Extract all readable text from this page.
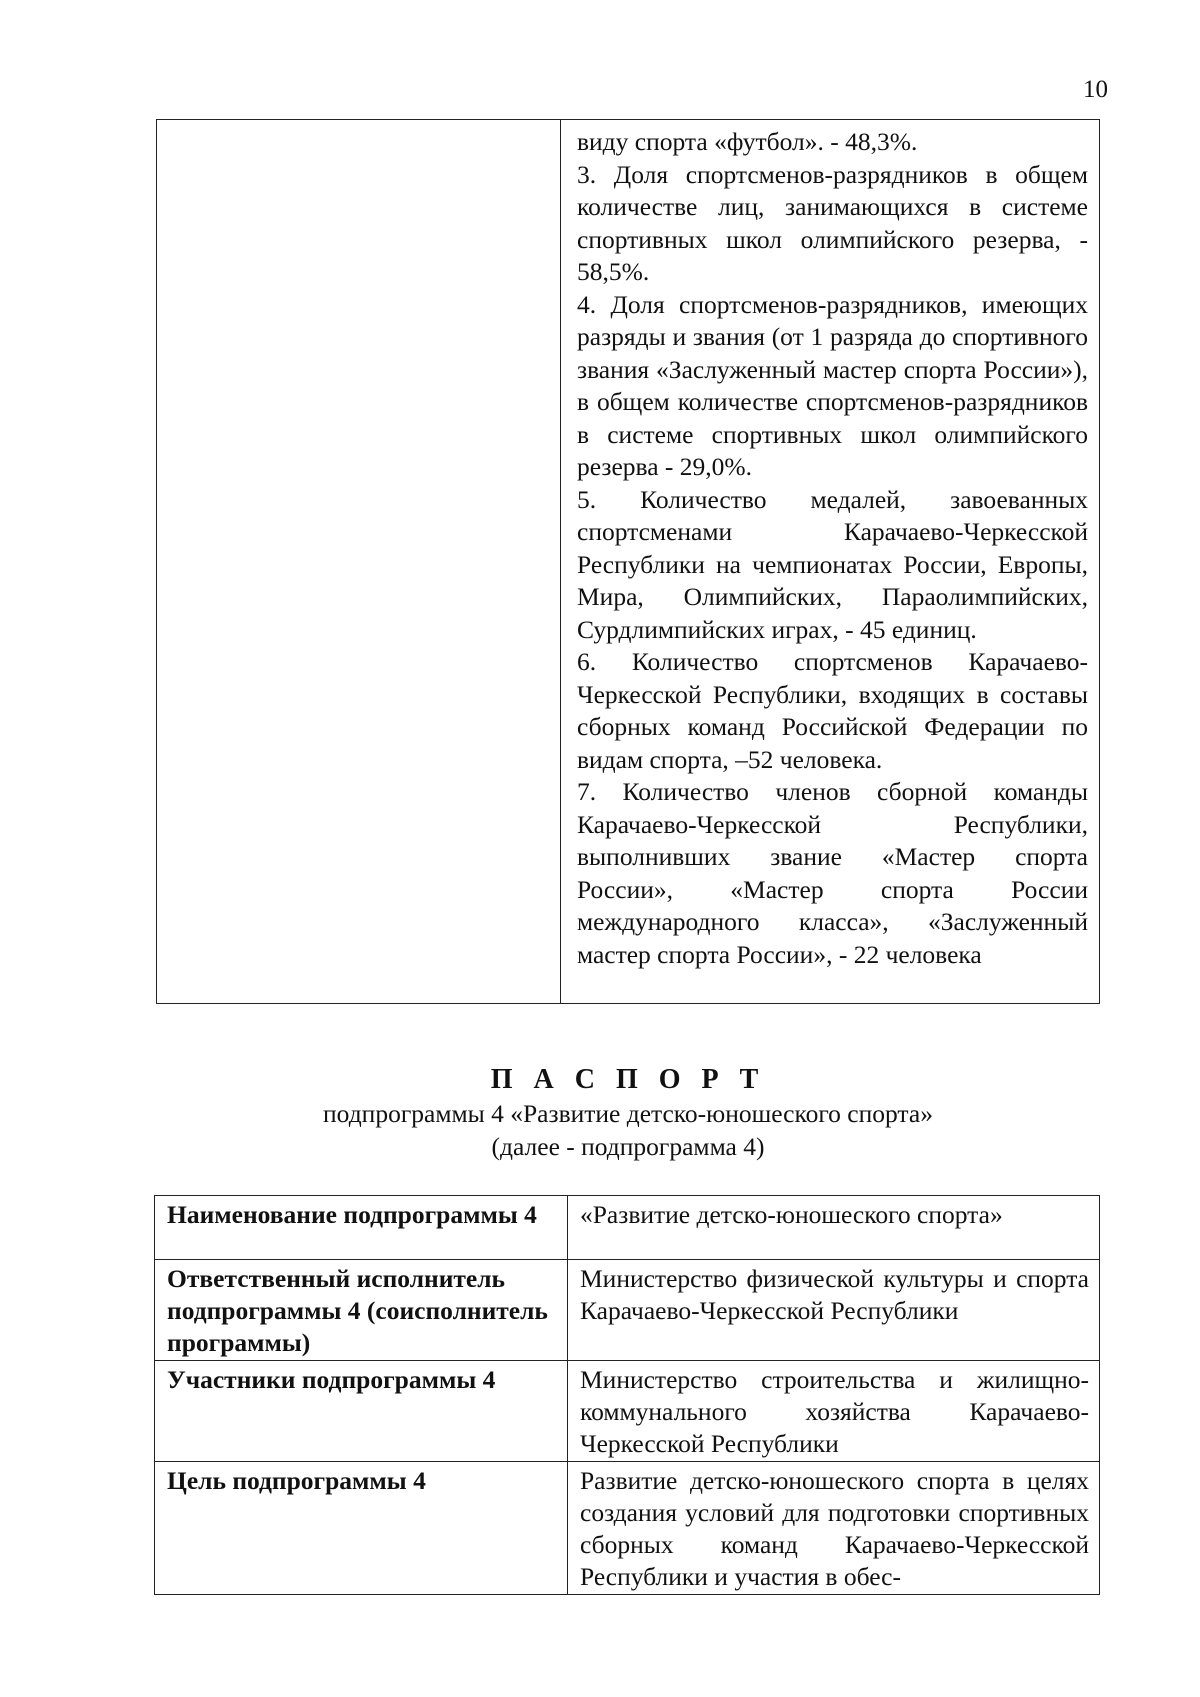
10

виду спорта «футбол». - 48,3%.
3. Доля спортсменов-разрядников в общем количестве лиц, занимающихся в системе спортивных школ олимпийского резерва, - 58,5%.
4. Доля спортсменов-разрядников, имеющих разряды и звания (от 1 разряда до спортивного звания «Заслуженный мастер спорта России»), в общем количестве спортсменов-разрядников в системе спортивных школ олимпийского резерва - 29,0%.
5. Количество медалей, завоеванных спортсменами Карачаево-Черкесской Республики на чемпионатах России, Европы, Мира, Олимпийских, Параолимпийских, Сурдлимпийских играх, - 45 единиц.
6. Количество спортсменов Карачаево-Черкесской Республики, входящих в составы сборных команд Российской Федерации по видам спорта, –52 человека.
7. Количество членов сборной команды Карачаево-Черкесской Республики, выполнивших звание «Мастер спорта России», «Мастер спорта России международного класса», «Заслуженный мастер спорта России», - 22 человека
П А С П О Р Т
подпрограммы 4 «Развитие детско-юношеского спорта»
(далее - подпрограмма 4)
Наименование подпрограммы 4	«Развитие детско-юношеского спорта»
Ответственный исполнитель подпрограммы 4 (соисполнитель программы)	Министерство физической культуры и спорта Карачаево-Черкесской Республики
Участники подпрограммы 4	Министерство строительства и жилищно-коммунального хозяйства Карачаево-Черкесской Республики
Цель подпрограммы 4	Развитие детско-юношеского спорта в целях создания условий для подготовки спортивных сборных команд Карачаево-Черкесской Республики и участия в обес-
